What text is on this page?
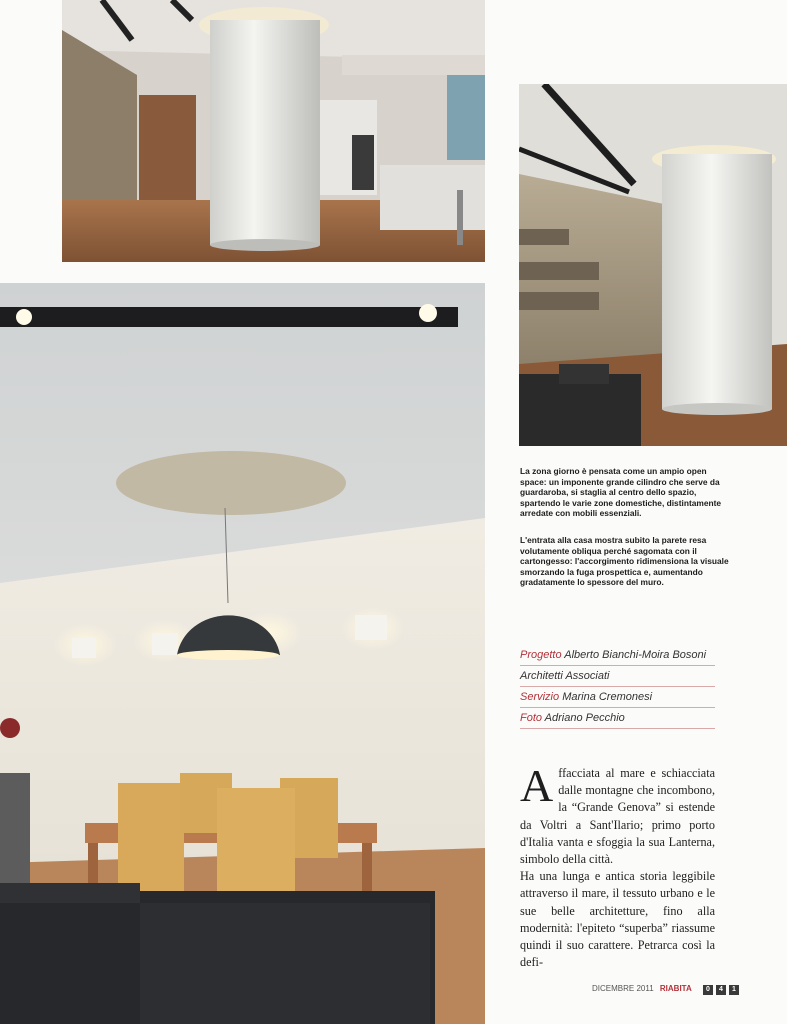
La zona giorno è pensata come un ampio open space: un imponente grande cilindro che serve da guardaroba, si staglia al centro dello spazio, spartendo le varie zone domestiche, distintamente arredate con mobili essenziali.

L'entrata alla casa mostra subito la parete resa volutamente obliqua perché sagomata con il cartongesso: l'accorgimento ridimensiona la visuale smorzando la fuga prospettica e, aumentando gradatamente lo spessore del muro.

Progetto Alberto Bianchi-Moira Bosoni
Architetti Associati
Servizio Marina Cremonesi
Foto Adriano Pecchio
A ffacciata al mare e schiacciata dalle montagne che incombono, la “Grande Genova” si estende da Voltri a Sant'Ilario; primo porto d'Italia vanta e sfoggia la sua Lanterna, simbolo della città.

Ha una lunga e antica storia leggibile attraverso il mare, il tessuto urbano e le sue belle architetture, fino alla modernità: l'epiteto “superba” riassume quindi il suo carattere. Petrarca così la defi-

DICEMBRE 2011 RIABITA 0 4 1
